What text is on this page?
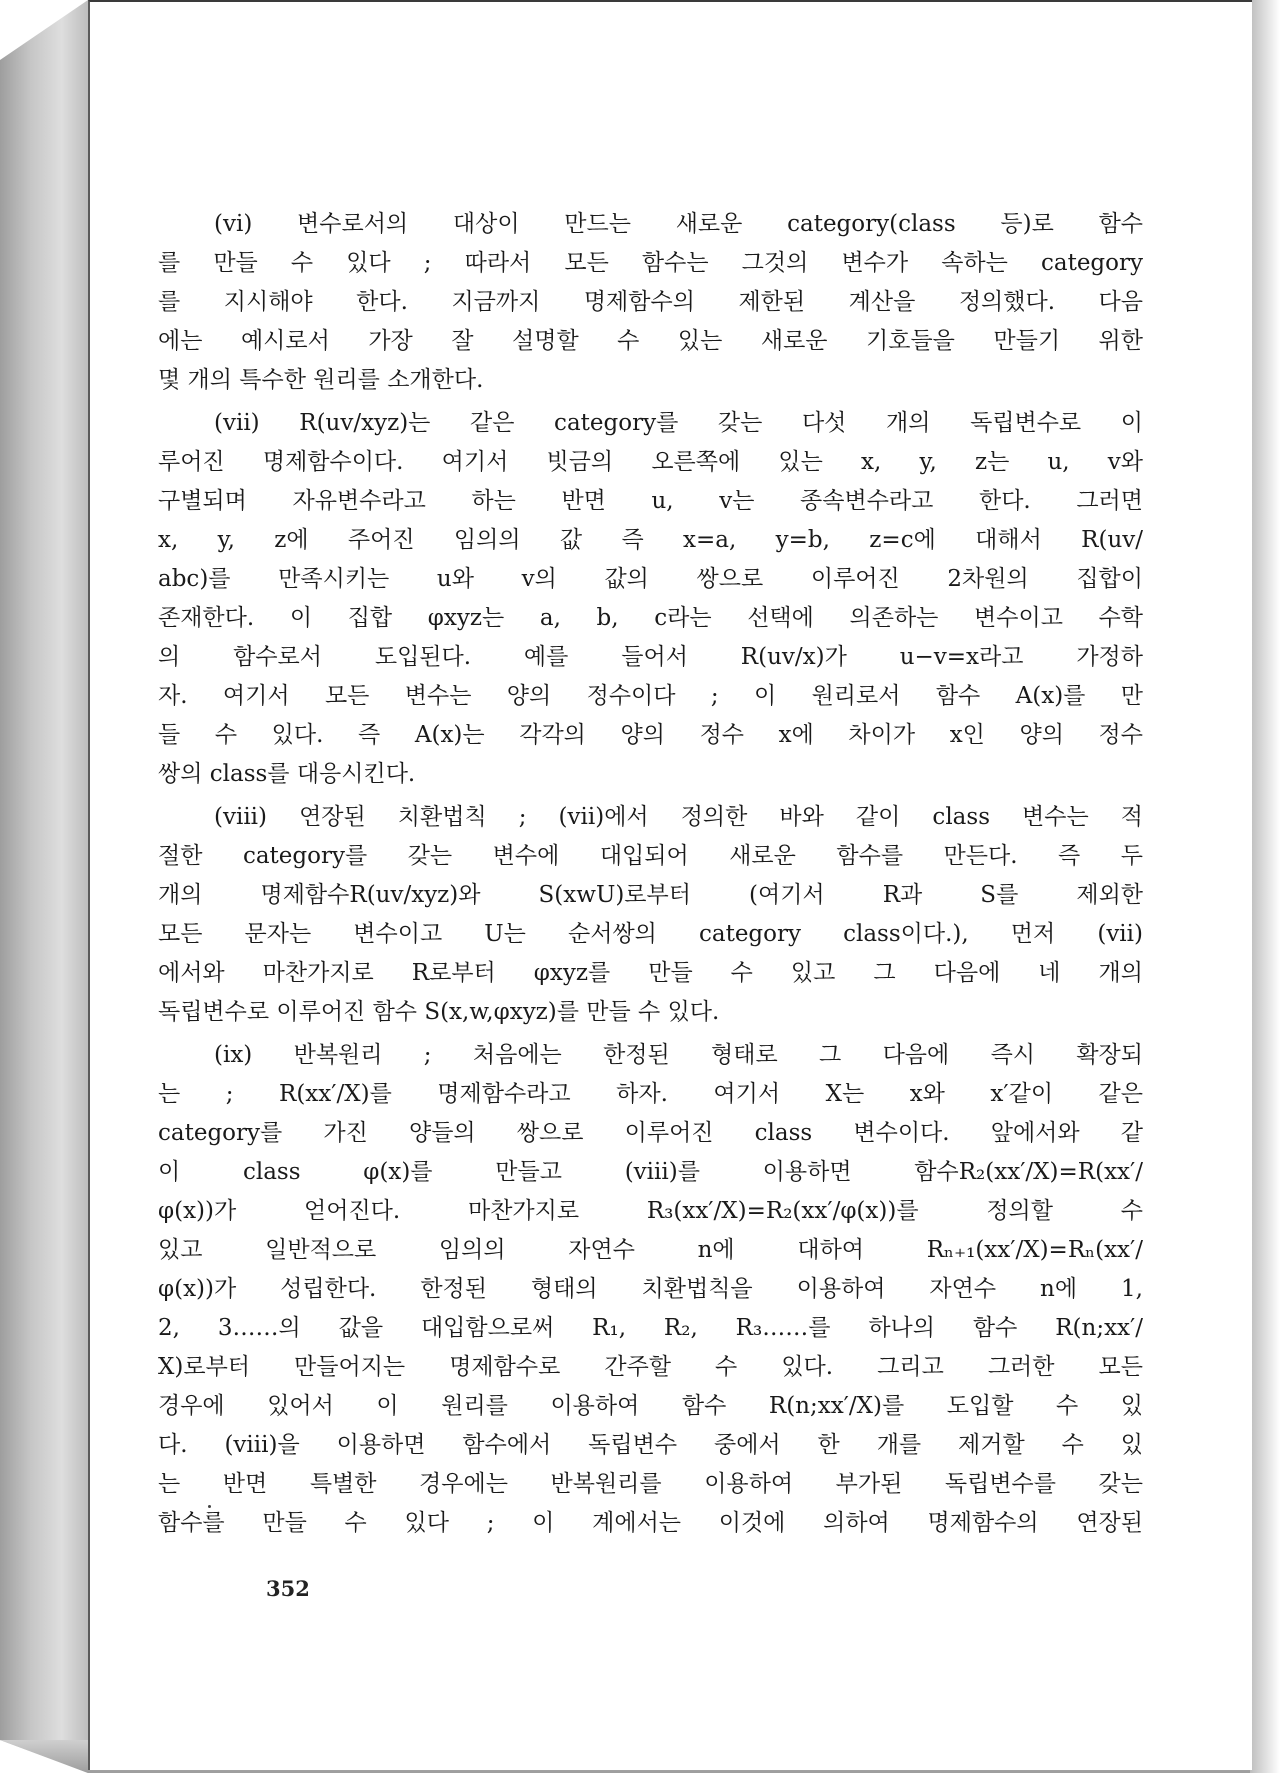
(vi) 변수로서의 대상이 만드는 새로운 category(class 등)로 함수
를 만들 수 있다 ; 따라서 모든 함수는 그것의 변수가 속하는 category
를 지시해야 한다. 지금까지 명제함수의 제한된 계산을 정의했다. 다음
에는 예시로서 가장 잘 설명할 수 있는 새로운 기호들을 만들기 위한
몇 개의 특수한 원리를 소개한다.
(vii) R(uv/xyz)는 같은 category를 갖는 다섯 개의 독립변수로 이
루어진 명제함수이다. 여기서 빗금의 오른쪽에 있는 x, y, z는 u, v와
구별되며 자유변수라고 하는 반면 u, v는 종속변수라고 한다. 그러면
x, y, z에 주어진 임의의 값 즉 x=a, y=b, z=c에 대해서 R(uv/
abc)를 만족시키는 u와 v의 값의 쌍으로 이루어진 2차원의 집합이
존재한다. 이 집합 φxyz는 a, b, c라는 선택에 의존하는 변수이고 수학
의 함수로서 도입된다. 예를 들어서 R(uv/x)가 u−v=x라고 가정하
자. 여기서 모든 변수는 양의 정수이다 ; 이 원리로서 함수 A(x)를 만
들 수 있다. 즉 A(x)는 각각의 양의 정수 x에 차이가 x인 양의 정수
쌍의 class를 대응시킨다.
(viii) 연장된 치환법칙 ; (vii)에서 정의한 바와 같이 class 변수는 적
절한 category를 갖는 변수에 대입되어 새로운 함수를 만든다. 즉 두
개의 명제함수R(uv/xyz)와 S(xwU)로부터 (여기서 R과 S를 제외한
모든 문자는 변수이고 U는 순서쌍의 category class이다.), 먼저 (vii)
에서와 마찬가지로 R로부터 φxyz를 만들 수 있고 그 다음에 네 개의
독립변수로 이루어진 함수 S(x,w,φxyz)를 만들 수 있다.
(ix) 반복원리 ; 처음에는 한정된 형태로 그 다음에 즉시 확장되
는 ; R(xx′/X)를 명제함수라고 하자. 여기서 X는 x와 x′같이 같은
category를 가진 양들의 쌍으로 이루어진 class 변수이다. 앞에서와 같
이 class φ(x)를 만들고 (viii)를 이용하면 함수R₂(xx′/X)=R(xx′/
φ(x))가 얻어진다. 마찬가지로 R₃(xx′/X)=R₂(xx′/φ(x))를 정의할 수
있고 일반적으로 임의의 자연수 n에 대하여 Rₙ₊₁(xx′/X)=Rₙ(xx′/
φ(x))가 성립한다. 한정된 형태의 치환법칙을 이용하여 자연수 n에 1,
2, 3……의 값을 대입함으로써 R₁, R₂, R₃……를 하나의 함수 R(n;xx′/
X)로부터 만들어지는 명제함수로 간주할 수 있다. 그리고 그러한 모든
경우에 있어서 이 원리를 이용하여 함수 R(n;xx′/X)를 도입할 수 있
다. (viii)을 이용하면 함수에서 독립변수 중에서 한 개를 제거할 수 있
는 반면 특별한 경우에는 반복원리를 이용하여 부가된 독립변수를 갖는
함수를 만들 수 있다 ; 이 계에서는 이것에 의하여 명제함수의 연장된
352
